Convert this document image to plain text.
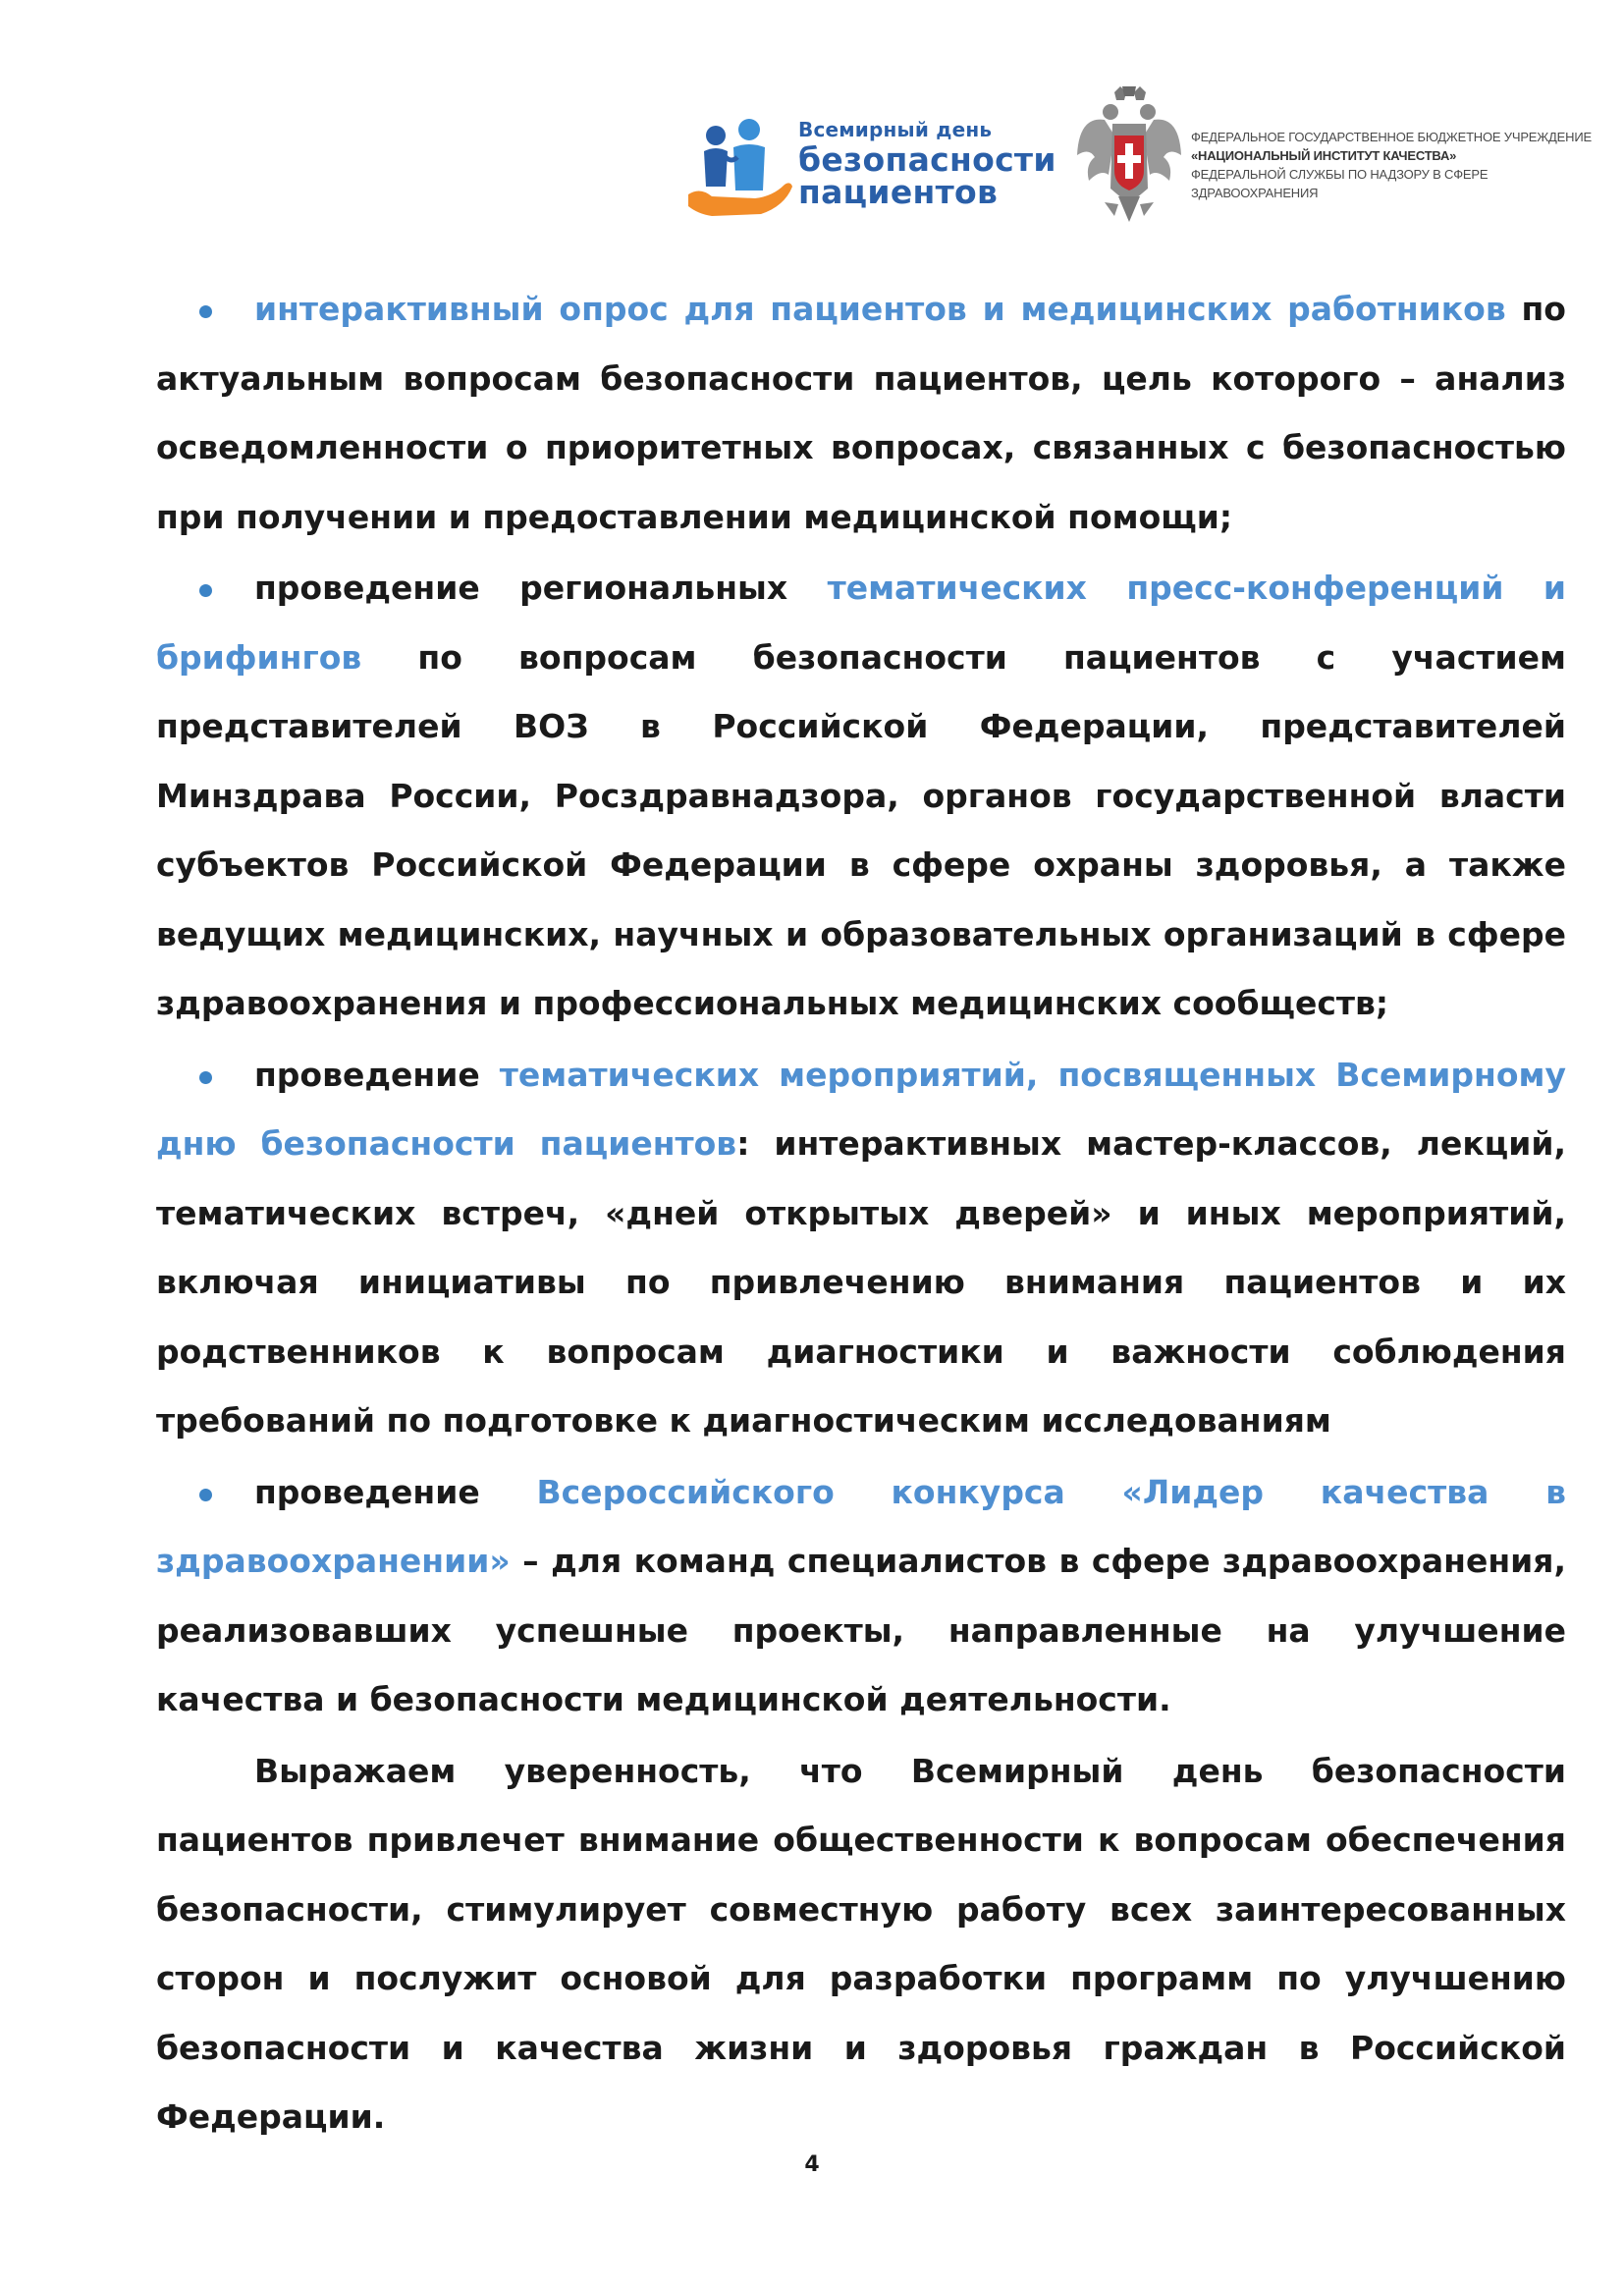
Всемирный день
безопасности
пациентов
ФЕДЕРАЛЬНОЕ ГОСУДАРСТВЕННОЕ БЮДЖЕТНОЕ УЧРЕЖДЕНИЕ
«НАЦИОНАЛЬНЫЙ ИНСТИТУТ КАЧЕСТВА»
ФЕДЕРАЛЬНОЙ СЛУЖБЫ ПО НАДЗОРУ В СФЕРЕ ЗДРАВООХРАНЕНИЯ

интерактивный опрос для пациентов и медицинских работников по актуальным вопросам безопасности пациентов, цель которого – анализ осведомленности о приоритетных вопросах, связанных с безопасностью при получении и предоставлении медицинской помощи;

проведение региональных тематических пресс-конференций и брифингов по вопросам безопасности пациентов с участием представителей ВОЗ в Российской Федерации, представителей Минздрава России, Росздравнадзора, органов государственной власти субъектов Российской Федерации в сфере охраны здоровья, а также ведущих медицинских, научных и образовательных организаций в сфере здравоохранения и профессиональных медицинских сообществ;

проведение тематических мероприятий, посвященных Всемирному дню безопасности пациентов: интерактивных мастер-классов, лекций, тематических встреч, «дней открытых дверей» и иных мероприятий, включая инициативы по привлечению внимания пациентов и их родственников к вопросам диагностики и важности соблюдения требований по подготовке к диагностическим исследованиям

проведение Всероссийского конкурса «Лидер качества в здравоохранении» – для команд специалистов в сфере здравоохранения, реализовавших успешные проекты, направленные на улучшение качества и безопасности медицинской деятельности.

Выражаем уверенность, что Всемирный день безопасности пациентов привлечет внимание общественности к вопросам обеспечения безопасности, стимулирует совместную работу всех заинтересованных сторон и послужит основой для разработки программ по улучшению безопасности и качества жизни и здоровья граждан в Российской Федерации.

4
